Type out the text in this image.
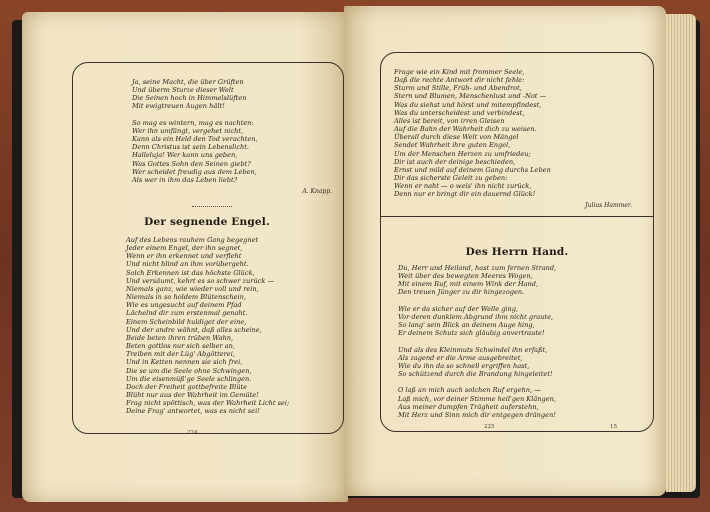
Ja, seine Macht, die über Grüften
Und überm Sturze dieser Welt
Die Seinen hoch in Himmelslüften
Mit ewigtreuen Augen hält!

So mag es wintern, mag es nachten:
Wer ihn umfängt, vergehet nicht,
Kann als ein Held den Tod verachten,
Denn Christus ist sein Lebenslicht.
Halleluja! Wer kann uns geben,
Was Gottes Sohn den Seinen giebt?
Wer scheidet freudig aus dem Leben,
Als wer in ihm das Leben liebt?
A. Knapp.
Der segnende Engel.
Auf des Lebens rauhem Gang begegnet
Jeder einem Engel, der ihn segnet,
Wenn er ihn erkennet und verfleht
Und nicht blind an ihm vorübergeht.
Solch Erkennen ist das höchste Glück,
Und versäumt, kehrt es so schwer zurück —
Niemals ganz, wie wieder voll und rein,
Niemals in so holdem Blütenschein,
Wie es ungesucht auf deinem Pfad
Lächelnd dir zum erstenmal genaht.
Einem Scheinbild huldiget der eine,
Und der andre wähnt, daß alles scheine,
Beide beten ihren trüben Wahn,
Beten gottlos nur sich selber an,
Treiben mit der Lüg' Abgötterei,
Und in Ketten nennen sie sich frei,
Die se um die Seele ohne Schwingen,
Um die eisenmüß'ge Seele schlingen.
Doch der Freiheit gottbefreite Blüte
Blüht nur aus der Wahrheit im Gemüte!
Frag nicht spöttisch, was der Wahrheit Licht sei;
Deine Frag' antwortet, was es nicht sei!
224
Frage wie ein Kind mit frommer Seele,
Daß die rechte Antwort dir nicht fehle:
Sturm und Stille, Früh- und Abendrot,
Stern und Blumen, Menschenlust und -Not —
Was du siehst und hörst und mitempfindest,
Was du unterscheidest und verbindest,
Alles ist bereit, von irren Gleisen
Auf die Bahn der Wahrheit dich zu weisen.
Überall durch diese Welt von Mängel
Sendet Wahrheit ihre guten Engel,
Um der Menschen Herzen zu umfriedeu;
Dir ist auch der deinige beschieden,
Ernst und mild auf deinem Gang durchs Leben
Dir das sicherste Geleit zu geben:
Wenn er naht — o weis' ihn nicht zurück,
Denn nur er bringt dir ein dauernd Glück!
Julius Hammer.
Des Herrn Hand.
Du, Herr und Heiland, hast zum fernen Strand,
Weit über des bewegten Meeres Wogen,
Mit einem Ruf, mit einem Wink der Hand,
Den treuen Jünger zu dir hingezogen.

Wie er da sicher auf der Welle ging,
Vor deren dunklem Abgrund ihm nicht graute,
So lang' sein Blick an deinem Auge hing,
Er deinem Schutz sich gläubig anvertraute!

Und als des Kleinmuts Schwindel ihn erfaßt,
Als zagend er die Arme ausgebreitet,
Wie du ihn da so schnell ergriffen hast,
So schützend durch die Brandung hingeleitet!

O laß an mich auch solchen Ruf ergehn, —
Laß mich, vor deiner Stimme heil'gen Klängen,
Aus meiner dumpfen Trägheit auferstehn,
Mit Herz und Sinn mich dir entgegen drängen!
225	15
